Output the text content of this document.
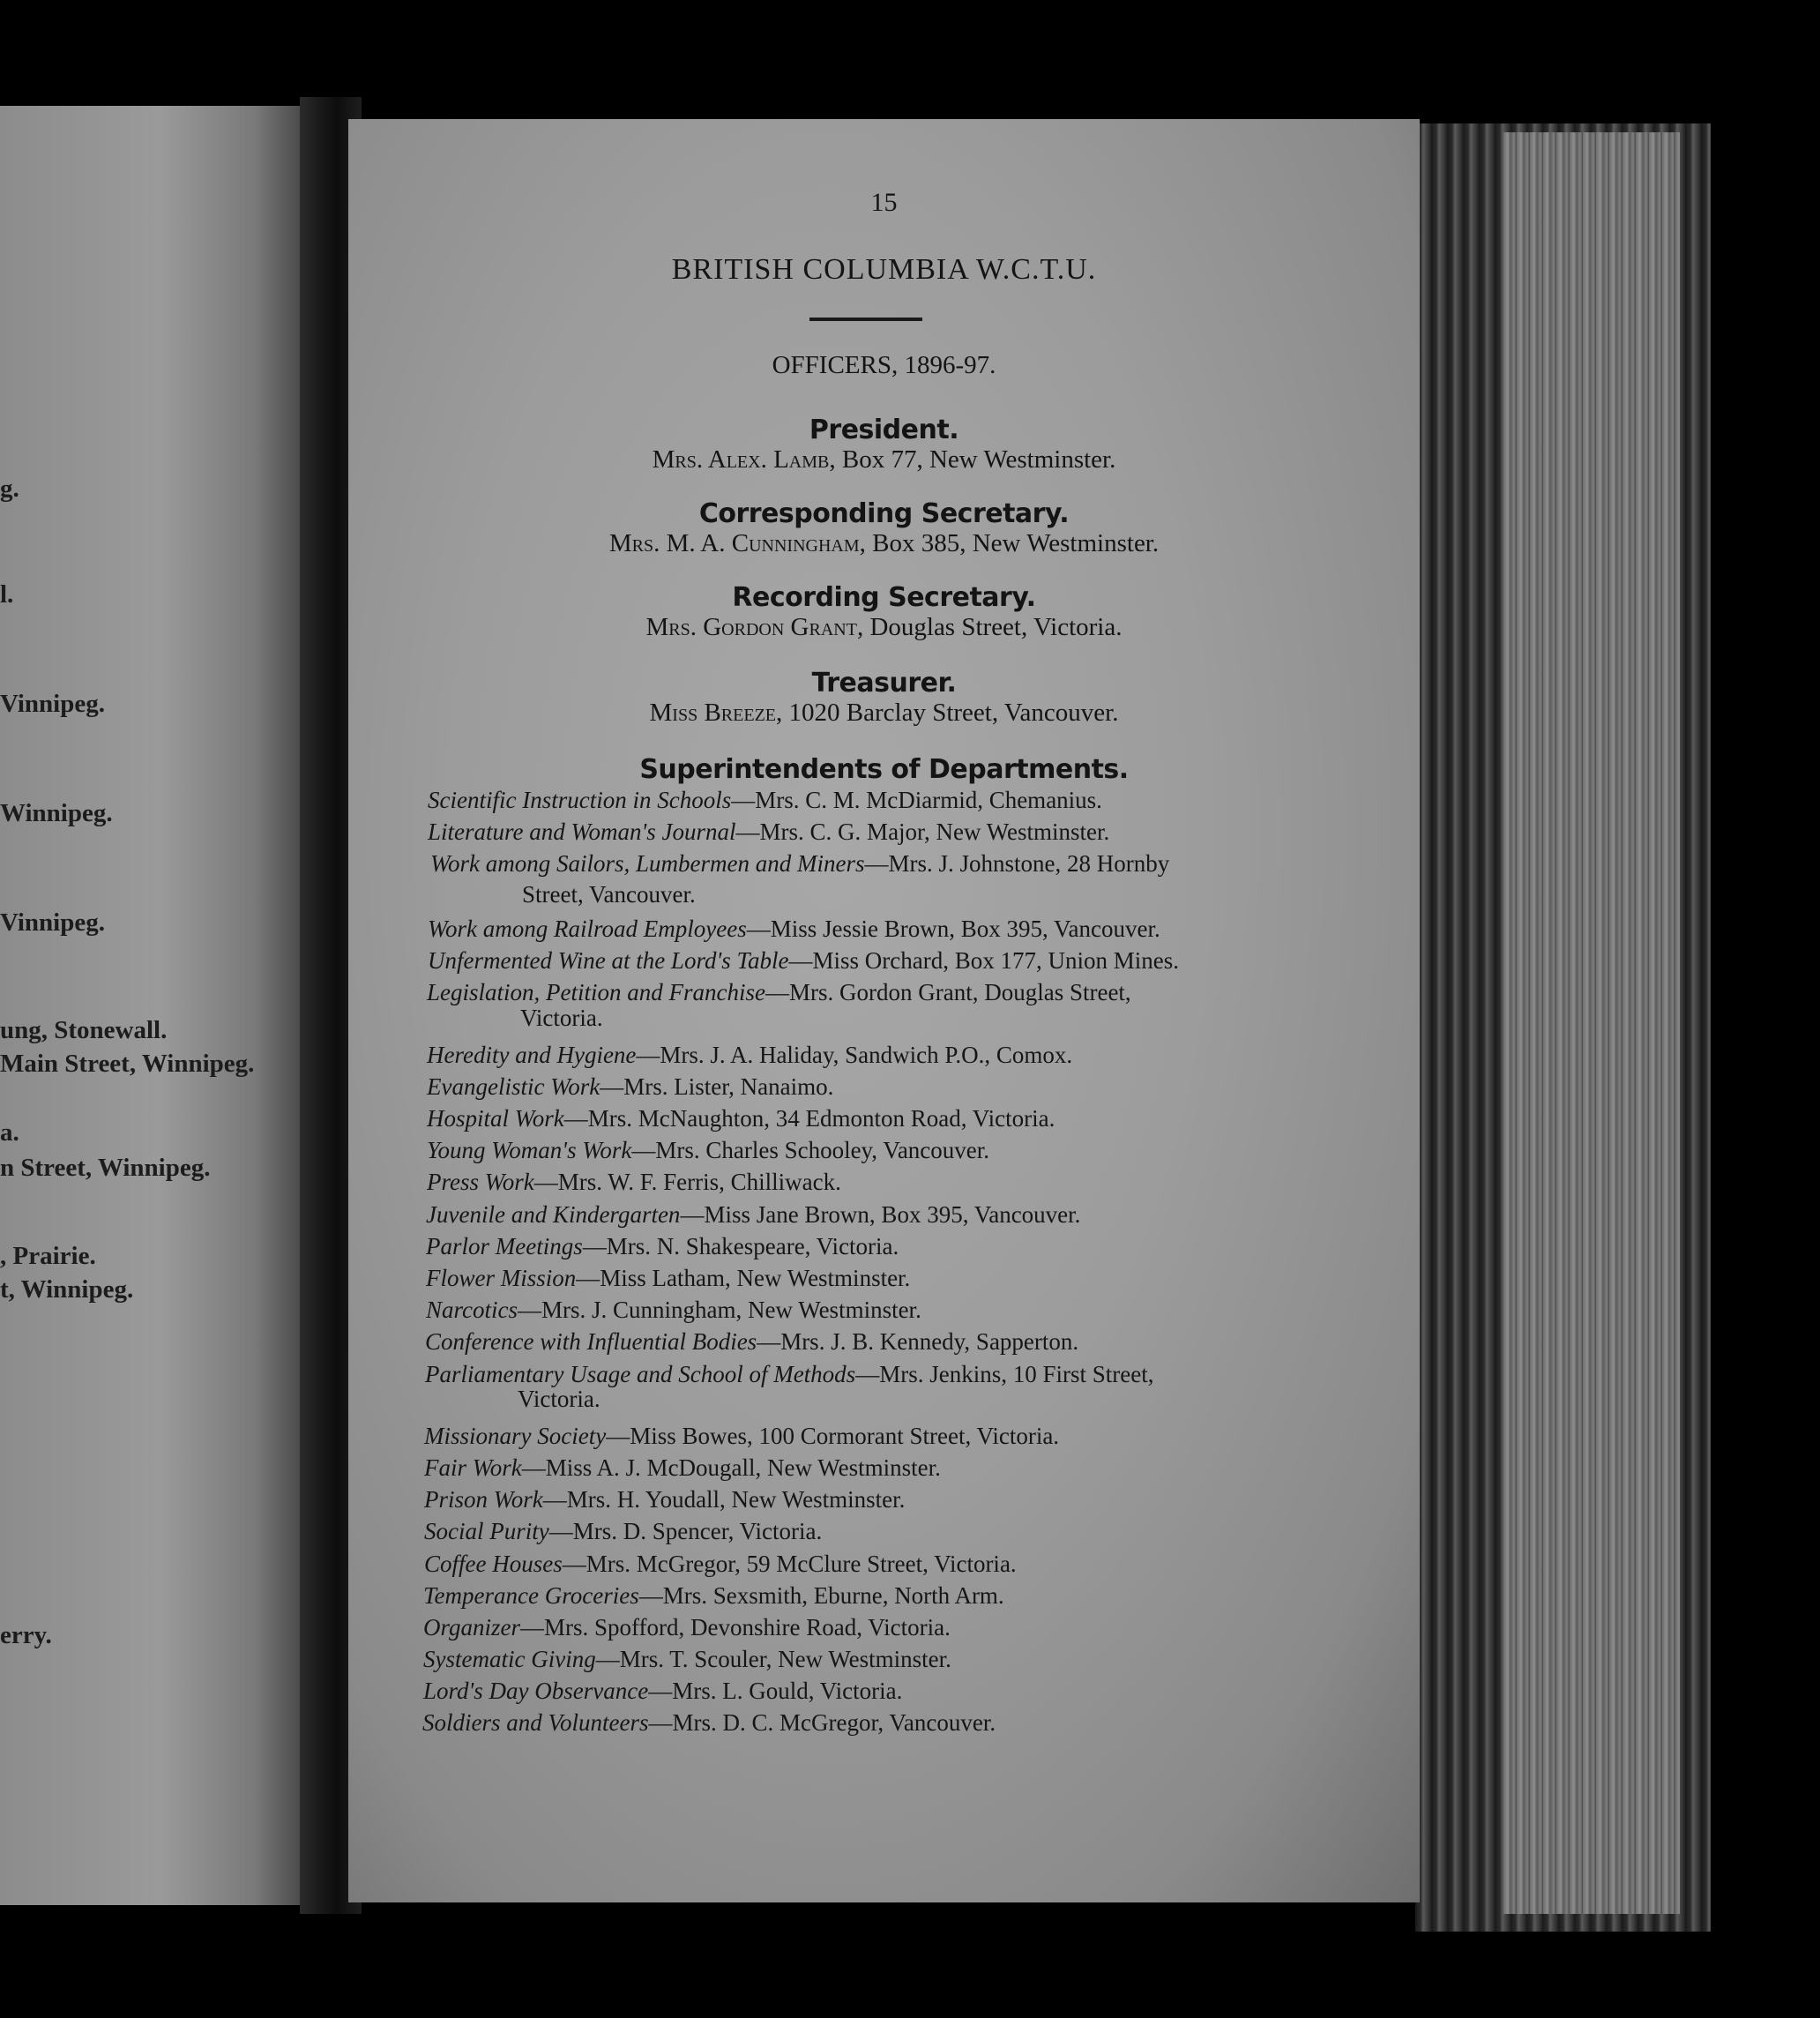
g.
l.
Vinnipeg.
Winnipeg.
Vinnipeg.
ung, Stonewall.
Main Street, Winnipeg.
a.
n Street, Winnipeg.
, Prairie.
t, Winnipeg.
erry.
15
BRITISH COLUMBIA W.C.T.U.
OFFICERS, 1896-97.
President.
Mrs. Alex. Lamb, Box 77, New Westminster.
Corresponding Secretary.
Mrs. M. A. Cunningham, Box 385, New Westminster.
Recording Secretary.
Mrs. Gordon Grant, Douglas Street, Victoria.
Treasurer.
Miss Breeze, 1020 Barclay Street, Vancouver.
Superintendents of Departments.
Scientific Instruction in Schools—Mrs. C. M. McDiarmid, Chemanius.
Literature and Woman's Journal—Mrs. C. G. Major, New Westminster.
Work among Sailors, Lumbermen and Miners—Mrs. J. Johnstone, 28 Hornby
Street, Vancouver.
Work among Railroad Employees—Miss Jessie Brown, Box 395, Vancouver.
Unfermented Wine at the Lord's Table—Miss Orchard, Box 177, Union Mines.
Legislation, Petition and Franchise—Mrs. Gordon Grant, Douglas Street,
Victoria.
Heredity and Hygiene—Mrs. J. A. Haliday, Sandwich P.O., Comox.
Evangelistic Work—Mrs. Lister, Nanaimo.
Hospital Work—Mrs. McNaughton, 34 Edmonton Road, Victoria.
Young Woman's Work—Mrs. Charles Schooley, Vancouver.
Press Work—Mrs. W. F. Ferris, Chilliwack.
Juvenile and Kindergarten—Miss Jane Brown, Box 395, Vancouver.
Parlor Meetings—Mrs. N. Shakespeare, Victoria.
Flower Mission—Miss Latham, New Westminster.
Narcotics—Mrs. J. Cunningham, New Westminster.
Conference with Influential Bodies—Mrs. J. B. Kennedy, Sapperton.
Parliamentary Usage and School of Methods—Mrs. Jenkins, 10 First Street,
Victoria.
Missionary Society—Miss Bowes, 100 Cormorant Street, Victoria.
Fair Work—Miss A. J. McDougall, New Westminster.
Prison Work—Mrs. H. Youdall, New Westminster.
Social Purity—Mrs. D. Spencer, Victoria.
Coffee Houses—Mrs. McGregor, 59 McClure Street, Victoria.
Temperance Groceries—Mrs. Sexsmith, Eburne, North Arm.
Organizer—Mrs. Spofford, Devonshire Road, Victoria.
Systematic Giving—Mrs. T. Scouler, New Westminster.
Lord's Day Observance—Mrs. L. Gould, Victoria.
Soldiers and Volunteers—Mrs. D. C. McGregor, Vancouver.
